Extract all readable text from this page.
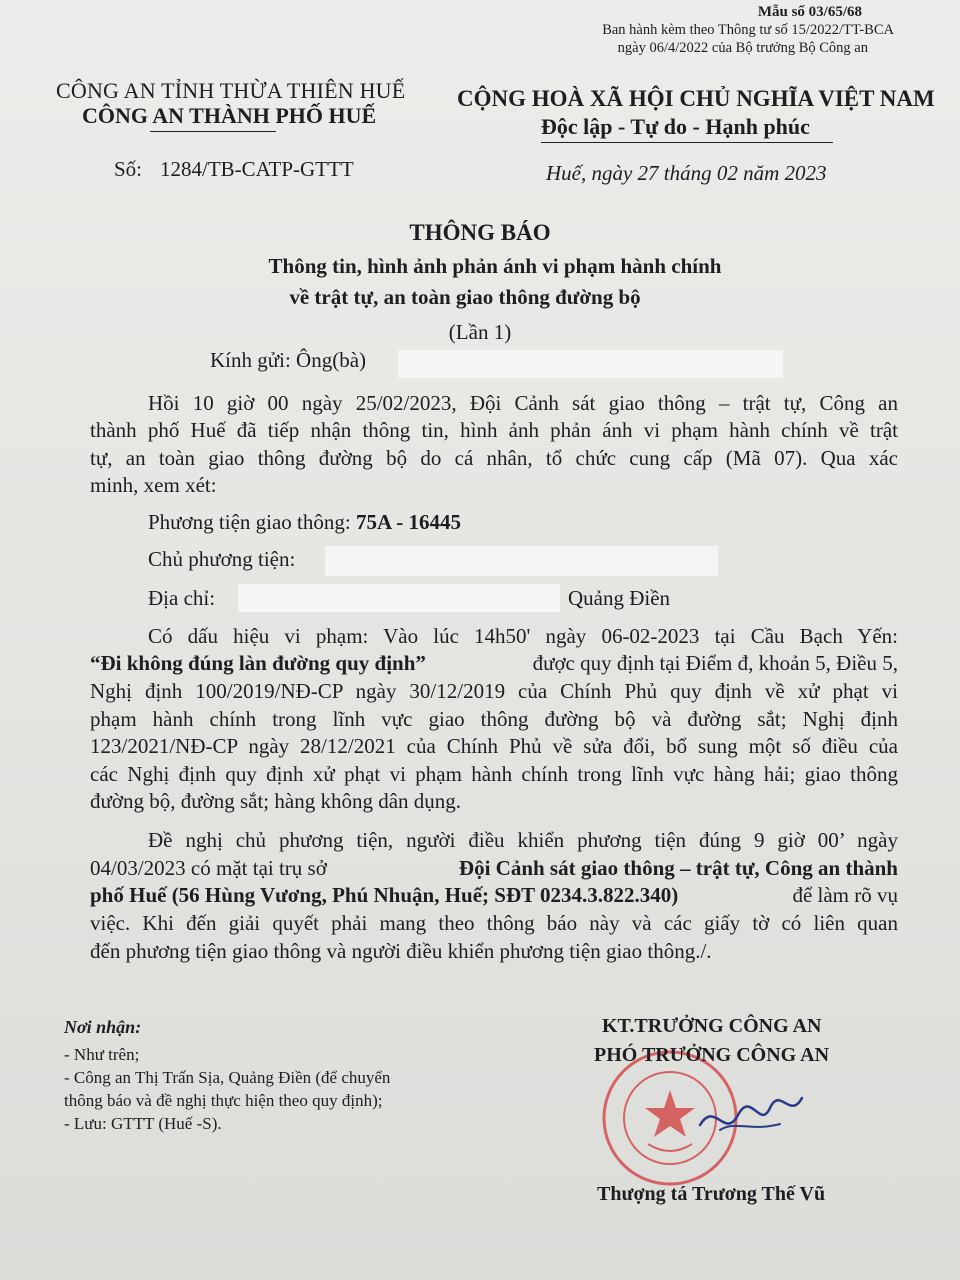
Mẫu số 03/65/68
Ban hành kèm theo Thông tư số 15/2022/TT-BCA
ngày 06/4/2022 của Bộ trưởng Bộ Công an
CÔNG AN TỈNH THỪA THIÊN HUẾ
CÔNG AN THÀNH PHỐ HUẾ
CỘNG HOÀ XÃ HỘI CHỦ NGHĨA VIỆT NAM
Độc lập - Tự do - Hạnh phúc
Số: 1284/TB-CATP-GTTT	Huế, ngày 27 tháng 02 năm 2023
THÔNG BÁO
Thông tin, hình ảnh phản ánh vi phạm hành chính
về trật tự, an toàn giao thông đường bộ
(Lần 1)
Kính gửi: Ông(bà)
Hồi 10 giờ 00 ngày 25/02/2023, Đội Cảnh sát giao thông – trật tự, Công an
thành phố Huế đã tiếp nhận thông tin, hình ảnh phản ánh vi phạm hành chính về trật
tự, an toàn giao thông đường bộ do cá nhân, tổ chức cung cấp (Mã 07). Qua xác
minh, xem xét:
Phương tiện giao thông: 75A - 16445
Chủ phương tiện:
Địa chỉ:	Quảng Điền
Có dấu hiệu vi phạm: Vào lúc 14h50' ngày 06-02-2023 tại Cầu Bạch Yến:
“Đi không đúng làn đường quy định”	được quy định tại Điểm đ, khoản 5, Điều 5,
Nghị định 100/2019/NĐ-CP ngày 30/12/2019 của Chính Phủ quy định về xử phạt vi
phạm hành chính trong lĩnh vực giao thông đường bộ và đường sắt; Nghị định
123/2021/NĐ-CP ngày 28/12/2021 của Chính Phủ về sửa đổi, bổ sung một số điều của
các Nghị định quy định xử phạt vi phạm hành chính trong lĩnh vực hàng hải; giao thông
đường bộ, đường sắt; hàng không dân dụng.
Đề nghị chủ phương tiện, người điều khiển phương tiện đúng 9 giờ 00’ ngày
04/03/2023 có mặt tại trụ sở	Đội Cảnh sát giao thông – trật tự, Công an thành
phố Huế (56 Hùng Vương, Phú Nhuận, Huế; SĐT 0234.3.822.340)	để làm rõ vụ
việc. Khi đến giải quyết phải mang theo thông báo này và các giấy tờ có liên quan
đến phương tiện giao thông và người điều khiển phương tiện giao thông./.
Nơi nhận:
- Như trên;
- Công an Thị Trấn Sịa, Quảng Điền (để chuyển
thông báo và đề nghị thực hiện theo quy định);
- Lưu: GTTT (Huế -S).
KT.TRƯỞNG CÔNG AN
PHÓ TRƯỞNG CÔNG AN
Thượng tá Trương Thế Vũ
